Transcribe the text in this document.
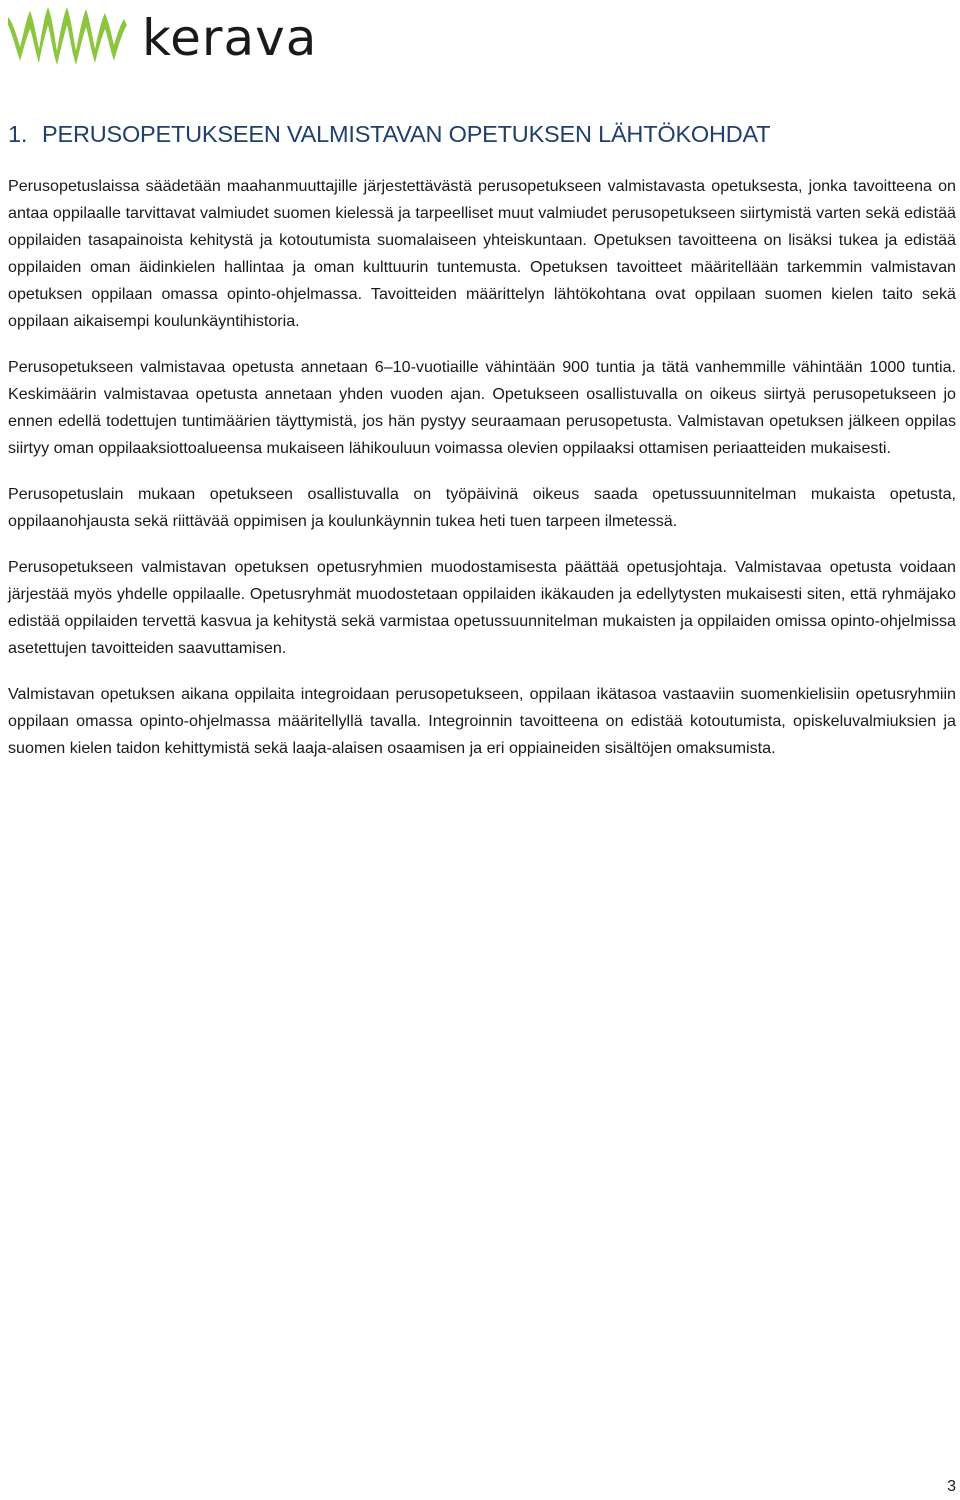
kerava
1. PERUSOPETUKSEEN VALMISTAVAN OPETUKSEN LÄHTÖKOHDAT

Perusopetuslaissa säädetään maahanmuuttajille järjestettävästä perusopetukseen valmistavasta opetuksesta, jonka tavoitteena on antaa oppilaalle tarvittavat valmiudet suomen kielessä ja tarpeelliset muut valmiudet perusopetukseen siirtymistä varten sekä edistää oppilaiden tasapainoista kehitystä ja kotoutumista suomalaiseen yhteiskuntaan. Opetuksen tavoitteena on lisäksi tukea ja edistää oppilaiden oman äidinkielen hallintaa ja oman kulttuurin tuntemusta. Opetuksen tavoitteet määritellään tarkemmin valmistavan opetuksen oppilaan omassa opinto-ohjelmassa. Tavoitteiden määrittelyn lähtökohtana ovat oppilaan suomen kielen taito sekä oppilaan aikaisempi koulunkäyntihistoria.

Perusopetukseen valmistavaa opetusta annetaan 6–10-vuotiaille vähintään 900 tuntia ja tätä vanhemmille vähintään 1000 tuntia. Keskimäärin valmistavaa opetusta annetaan yhden vuoden ajan. Opetukseen osallistuvalla on oikeus siirtyä perusopetukseen jo ennen edellä todettujen tuntimäärien täyttymistä, jos hän pystyy seuraamaan perusopetusta. Valmistavan opetuksen jälkeen oppilas siirtyy oman oppilaaksiottoalueensa mukaiseen lähikouluun voimassa olevien oppilaaksi ottamisen periaatteiden mukaisesti.

Perusopetuslain mukaan opetukseen osallistuvalla on työpäivinä oikeus saada opetussuunnitelman mukaista opetusta, oppilaanohjausta sekä riittävää oppimisen ja koulunkäynnin tukea heti tuen tarpeen ilmetessä.

Perusopetukseen valmistavan opetuksen opetusryhmien muodostamisesta päättää opetusjohtaja. Valmistavaa opetusta voidaan järjestää myös yhdelle oppilaalle. Opetusryhmät muodostetaan oppilaiden ikäkauden ja edellytysten mukaisesti siten, että ryhmäjako edistää oppilaiden tervettä kasvua ja kehitystä sekä varmistaa opetussuunnitelman mukaisten ja oppilaiden omissa opinto-ohjelmissa asetettujen tavoitteiden saavuttamisen.

Valmistavan opetuksen aikana oppilaita integroidaan perusopetukseen, oppilaan ikätasoa vastaaviin suomenkielisiin opetusryhmiin oppilaan omassa opinto-ohjelmassa määritellyllä tavalla. Integroinnin tavoitteena on edistää kotoutumista, opiskeluvalmiuksien ja suomen kielen taidon kehittymistä sekä laaja-alaisen osaamisen ja eri oppiaineiden sisältöjen omaksumista.

3
